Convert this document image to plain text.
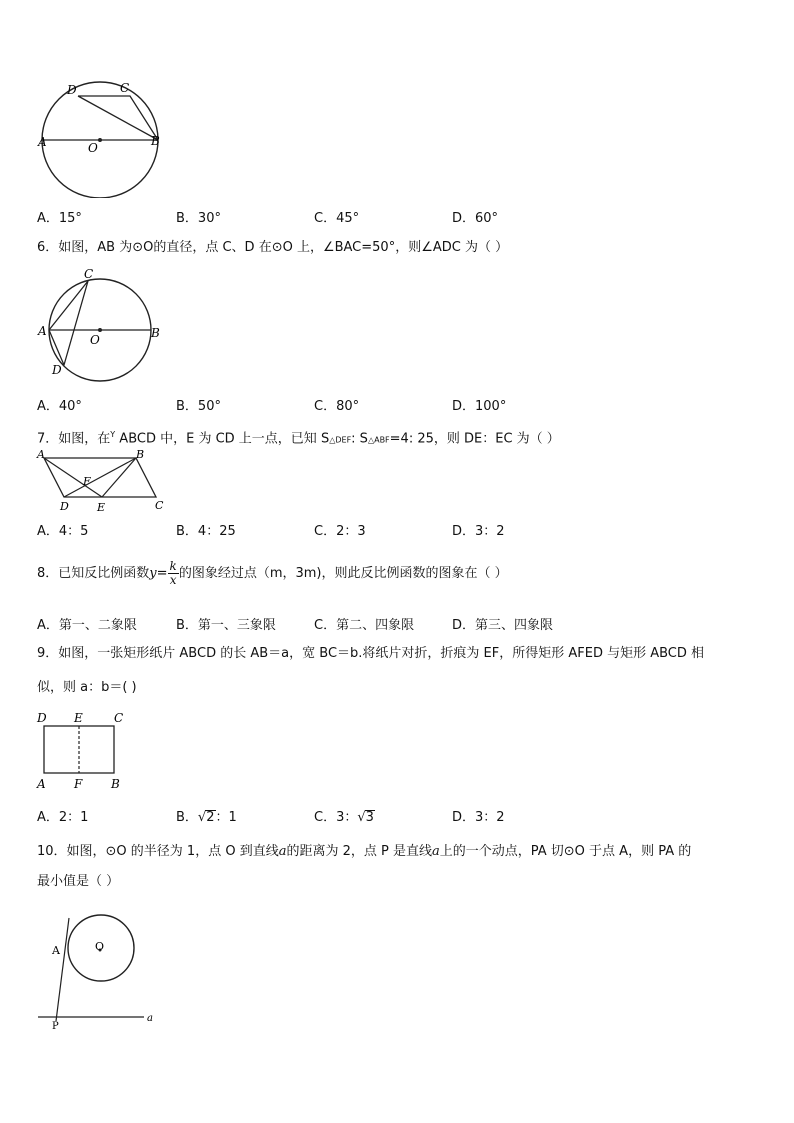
A	B
C
D
O
A．15°	B．30°	C．45°	D．60°
6．如图，AB 为⊙O的直径，点 C、D 在⊙O 上，∠BAC=50°，则∠ADC 为（ ）
A	B
C
D
O
A．40°	B．50°	C．80°	D．100°
7．如图，在$^Y$ ABCD 中，E 为 CD 上一点，已知 S△DEF: S△ABF=4: 25，则 DE：EC 为（ ）
A	B
C
D	E
F
A．4：5	B．4：25	C．2：3	D．3：2
8．已知反比例函数$y= \frac{k}{x}$ 的图象经过点（m，3m)，则此反比例函数的图象在（ ）
A．第一、二象限	B．第一、三象限	C．第二、四象限	D．第三、四象限
9．如图，一张矩形纸片 ABCD 的长 AB＝a，宽 BC＝b.将纸片对折，折痕为 EF，所得矩形 AFED 与矩形 ABCD 相
似，则 a：b＝( )
D E	C
A F B
A．2：1	B．√2：1	C．3：√3	D．3：2
10．如图，⊙O 的半径为 1，点 O 到直线a的距离为 2，点 P 是直线a上的一个动点，PA 切⊙O 于点 A，则 PA 的
最小值是（ ）
O
A
P
a
